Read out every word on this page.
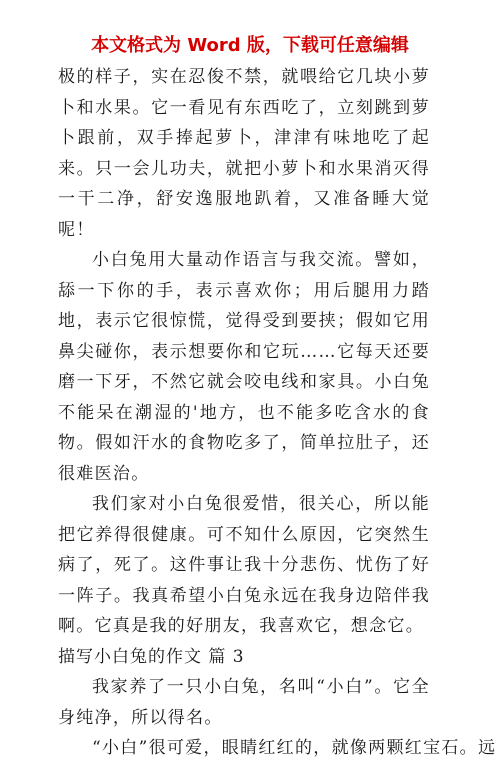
本文格式为 Word 版，下载可任意编辑

极的样子，实在忍俊不禁，就喂给它几块小萝卜和水果。它一看见有东西吃了，立刻跳到萝卜跟前，双手捧起萝卜，津津有味地吃了起来。只一会儿功夫，就把小萝卜和水果消灭得一干二净，舒安逸服地趴着，又准备睡大觉呢！

小白兔用大量动作语言与我交流。譬如，舔一下你的手，表示喜欢你；用后腿用力踏地，表示它很惊慌，觉得受到要挟；假如它用鼻尖碰你，表示想要你和它玩……它每天还要磨一下牙，不然它就会咬电线和家具。小白兔不能呆在潮湿的'地方，也不能多吃含水的食物。假如汗水的食物吃多了，简单拉肚子，还很难医治。

我们家对小白兔很爱惜，很关心，所以能把它养得很健康。可不知什么原因，它突然生病了，死了。这件事让我十分悲伤、忧伤了好一阵子。我真希望小白兔永远在我身边陪伴我啊。它真是我的好朋友，我喜欢它，想念它。

描写小白兔的作文 篇 3

我家养了一只小白兔，名叫“小白”。它全身纯净，所以得名。

“小白”很可爱，眼睛红红的，就像两颗红宝石。远
